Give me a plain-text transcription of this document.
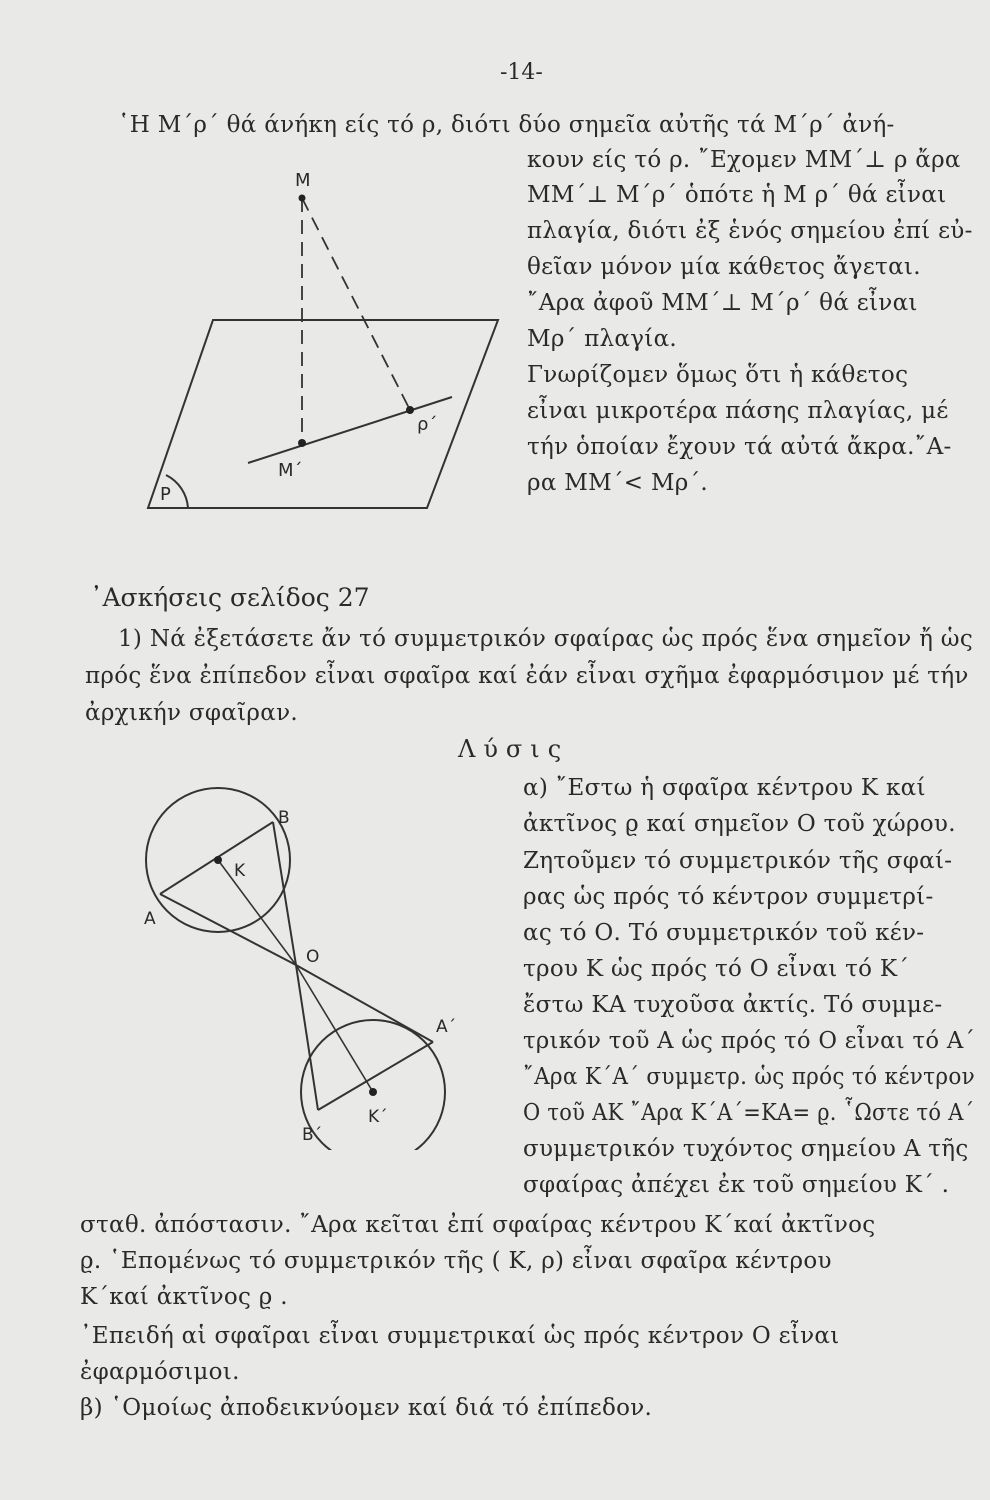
-14-
῾Η Μ΄ρ΄ θά άνήκη είς τό ρ, διότι δύο σημεῖα αὐτῆς τά Μ΄ρ΄ ἀνή-
κουν είς τό ρ. ῎Εχομεν ΜΜ΄⊥ ρ ἄρα
ΜΜ΄⊥ Μ΄ρ΄ ὁπότε ἡ Μ ρ΄ θά εἶναι
πλαγία, διότι ἐξ ἑνός σημείου ἐπί εὐ-
θεῖαν μόνον μία κάθετος ἄγεται.
῎Αρα ἀφοῦ ΜΜ΄⊥ Μ΄ρ΄ θά εἶναι
Μρ΄ πλαγία.
Γνωρίζομεν ὅμως ὅτι ἡ κάθετος
εἶναι μικροτέρα πάσης πλαγίας, μέ
τήν ὁποίαν ἔχουν τά αὐτά ἄκρα.῎Α-
ρα ΜΜ΄< Μρ΄.
Μ
ρ΄
Μ΄
Ρ
᾽Ασκήσεις σελίδος 27
1) Νά ἐξετάσετε ἄν τό συμμετρικόν σφαίρας ὡς πρός ἕνα σημεῖον ἤ ὡς
πρός ἕνα ἐπίπεδον εἶναι σφαῖρα καί ἐάν εἶναι σχῆμα ἐφαρμόσιμον μέ τήν
ἀρχικήν σφαῖραν.
Λύσις
Β
Κ
Α
Ο
Α΄
Κ΄
Β΄
α) ῎Εστω ἡ σφαῖρα κέντρου Κ καί
ἀκτῖνος ϱ καί σημεῖον Ο τοῦ χώρου.
Ζητοῦμεν τό συμμετρικόν τῆς σφαί-
ρας ὡς πρός τό κέντρον συμμετρί-
ας τό Ο. Τό συμμετρικόν τοῦ κέν-
τρου Κ ὡς πρός τό Ο εἶναι τό Κ΄
ἔστω ΚΑ τυχοῦσα ἀκτίς. Τό συμμε-
τρικόν τοῦ Α ὡς πρός τό Ο εἶναι τό Α΄
῎Αρα Κ΄Α΄ συμμετρ. ὡς πρός τό κέντρον
Ο τοῦ ΑΚ ῎Αρα Κ΄Α΄=ΚΑ= ϱ. ῟Ωστε τό Α΄
συμμετρικόν τυχόντος σημείου Α τῆς
σφαίρας ἀπέχει ἐκ τοῦ σημείου Κ΄ .
σταθ. ἀπόστασιν. ῎Αρα κεῖται ἐπί σφαίρας κέντρου Κ΄καί ἀκτῖνος
ϱ. ῾Επομένως τό συμμετρικόν τῆς ( Κ, ρ) εἶναι σφαῖρα κέντρου
Κ΄καί ἀκτῖνος ϱ .
᾽Επειδή αἱ σφαῖραι εἶναι συμμετρικαί ὡς πρός κέντρον Ο εἶναι
ἐφαρμόσιμοι.
β) ῾Ομοίως ἀποδεικνύομεν καί διά τό ἐπίπεδον.
